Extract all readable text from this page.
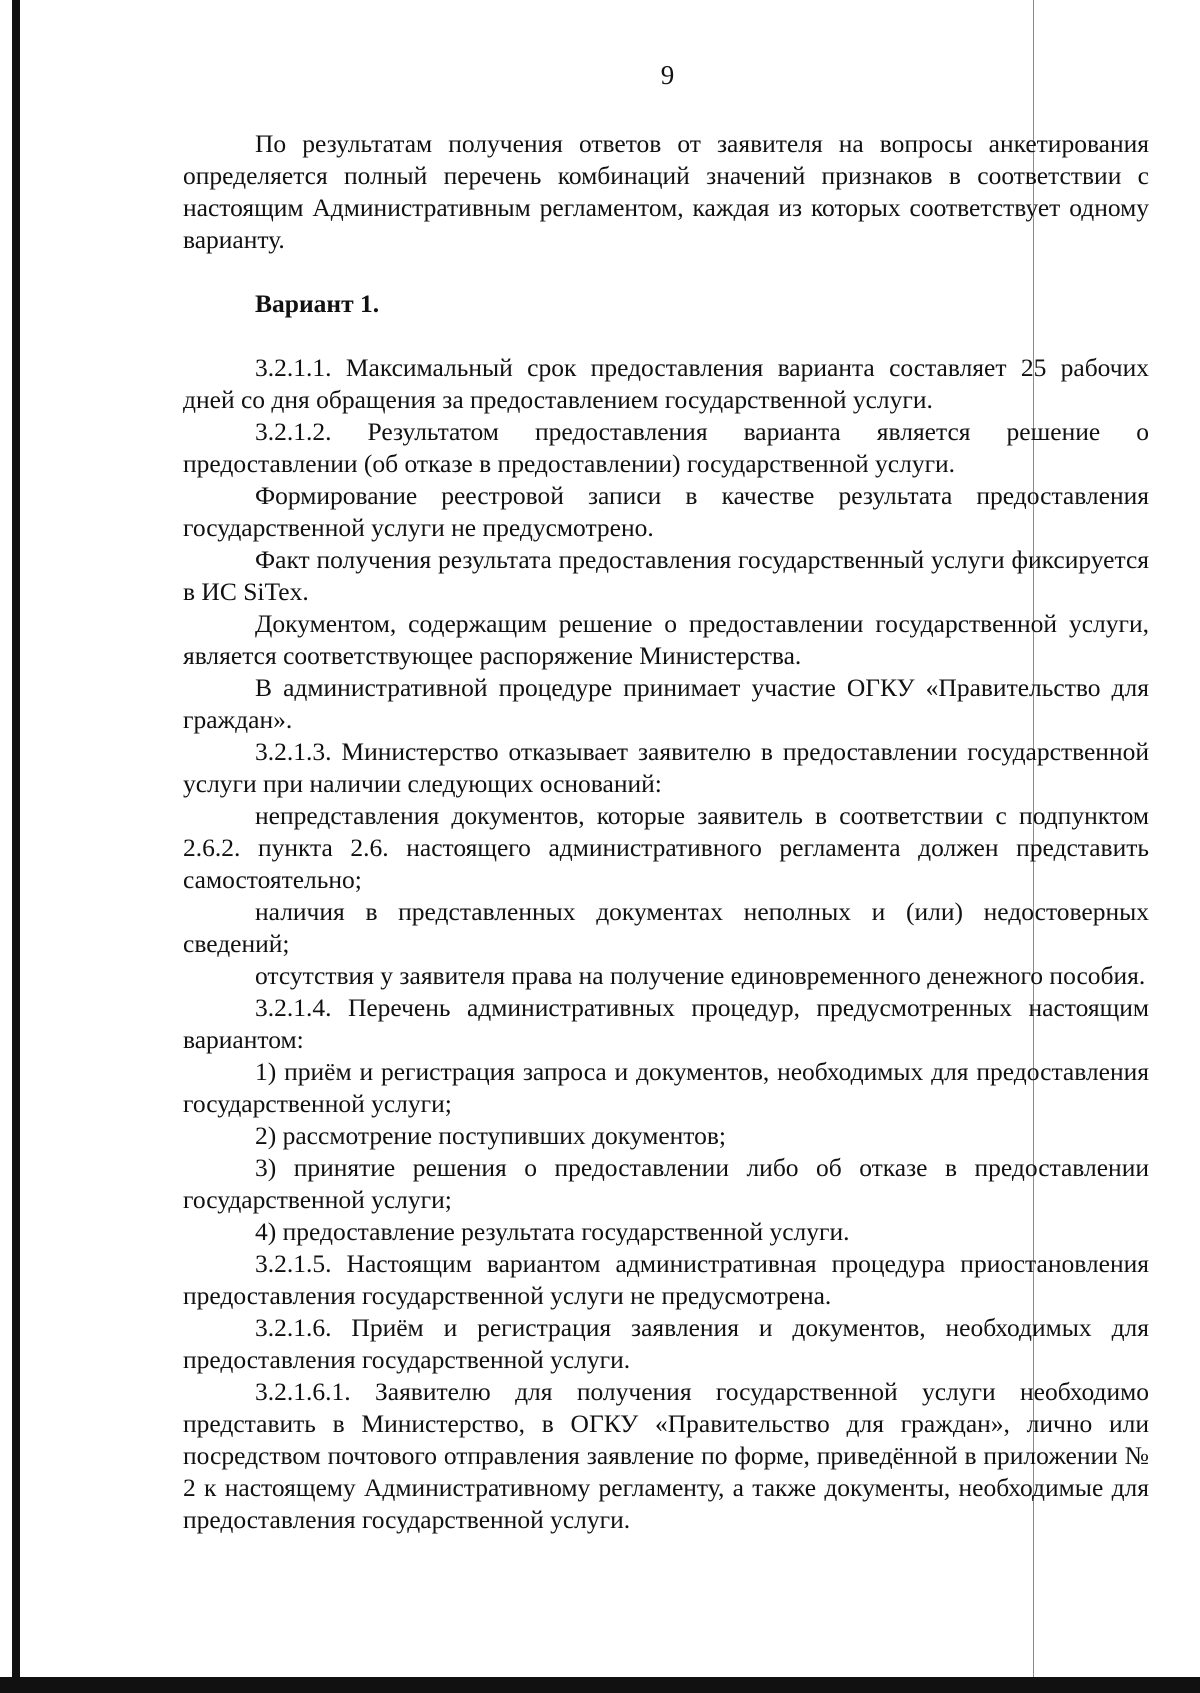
9

По результатам получения ответов от заявителя на вопросы анкетирования определяется полный перечень комбинаций значений признаков в соответствии с настоящим Административным регламентом, каждая из которых соответствует одному варианту.

Вариант 1.

3.2.1.1. Максимальный срок предоставления варианта составляет 25 рабочих дней со дня обращения за предоставлением государственной услуги.

3.2.1.2. Результатом предоставления варианта является решение о предоставлении (об отказе в предоставлении) государственной услуги.

Формирование реестровой записи в качестве результата предоставления государственной услуги не предусмотрено.

Факт получения результата предоставления государственный услуги фиксируется в ИС SiTex.

Документом, содержащим решение о предоставлении государственной услуги, является соответствующее распоряжение Министерства.

В административной процедуре принимает участие ОГКУ «Правительство для граждан».

3.2.1.3. Министерство отказывает заявителю в предоставлении государственной услуги при наличии следующих оснований:

непредставления документов, которые заявитель в соответствии с подпунктом 2.6.2. пункта 2.6. настоящего административного регламента должен представить самостоятельно;

наличия в представленных документах неполных и (или) недостоверных сведений;

отсутствия у заявителя права на получение единовременного денежного пособия.

3.2.1.4. Перечень административных процедур, предусмотренных настоящим вариантом:

1) приём и регистрация запроса и документов, необходимых для предоставления государственной услуги;

2) рассмотрение поступивших документов;

3) принятие решения о предоставлении либо об отказе в предоставлении государственной услуги;

4) предоставление результата государственной услуги.

3.2.1.5. Настоящим вариантом административная процедура приостановления предоставления государственной услуги не предусмотрена.

3.2.1.6. Приём и регистрация заявления и документов, необходимых для предоставления государственной услуги.

3.2.1.6.1. Заявителю для получения государственной услуги необходимо представить в Министерство, в ОГКУ «Правительство для граждан», лично или посредством почтового отправления заявление по форме, приведённой в приложении № 2 к настоящему Административному регламенту, а также документы, необходимые для предоставления государственной услуги.
